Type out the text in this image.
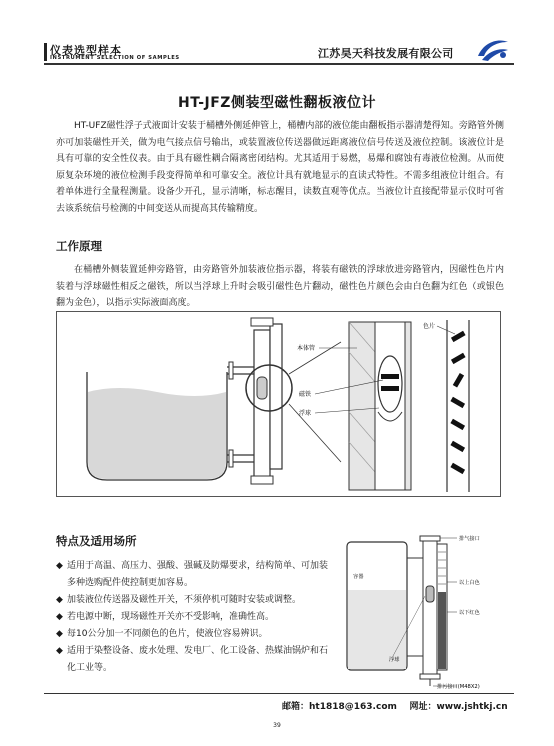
仪表选型样本
INSTRUMENT SELECTION OF SAMPLES	江苏昊天科技发展有限公司
HT-JFZ侧装型磁性翻板液位计
HT-UFZ磁性浮子式液面计安装于桶槽外侧延伸管上，桶槽内部的液位能由翻板指示器清楚得知。旁路管外侧亦可加装磁性开关，做为电气接点信号输出，或装置液位传送器做远距离液位信号传送及液位控制。该液位计是具有可靠的安全性仪表。由于具有磁性耦合隔离密闭结构。尤其适用于易燃，易爆和腐蚀有毒液位检测。从而使原复杂环境的液位检测手段变得简单和可靠安全。液位计具有就地显示的直读式特性。不需多组液位计组合。有着单体进行全量程测量。设备少开孔，显示清晰，标志醒目，读数直观等优点。当液位计直接配带显示仪时可省去该系统信号检测的中间变送从而提高其传输精度。
工作原理
在桶槽外侧装置延伸旁路管，由旁路管外加装液位指示器，将装有磁铁的浮球放进旁路管内，因磁性色片内装着与浮球磁性相反之磁铁，所以当浮球上升时会吸引磁性色片翻动，磁性色片颜色会由白色翻为红色（或银色翻为金色），以指示实际液面高度。
色片
本体管
磁铁
浮球
特点及适用场所
◆ 适用于高温、高压力、强酸、强碱及防爆要求，结构简单、可加装多种选购配件使控制更加容易。
◆ 加装液位传送器及磁性开关，不须停机可随时安装或调整。
◆ 若电源中断，现场磁性开关亦不受影响，准确性高。
◆ 每10公分加一不同颜色的色片，使液位容易辨识。
◆ 适用于染整设备、废水处理、发电厂、化工设备、热媒油锅炉和石化工业等。
排气接口
容器
以上白色
以下红色
浮球
排污接口(M48X2)
邮箱：ht1818@163.com 网址：www.jshtkj.cn
39
